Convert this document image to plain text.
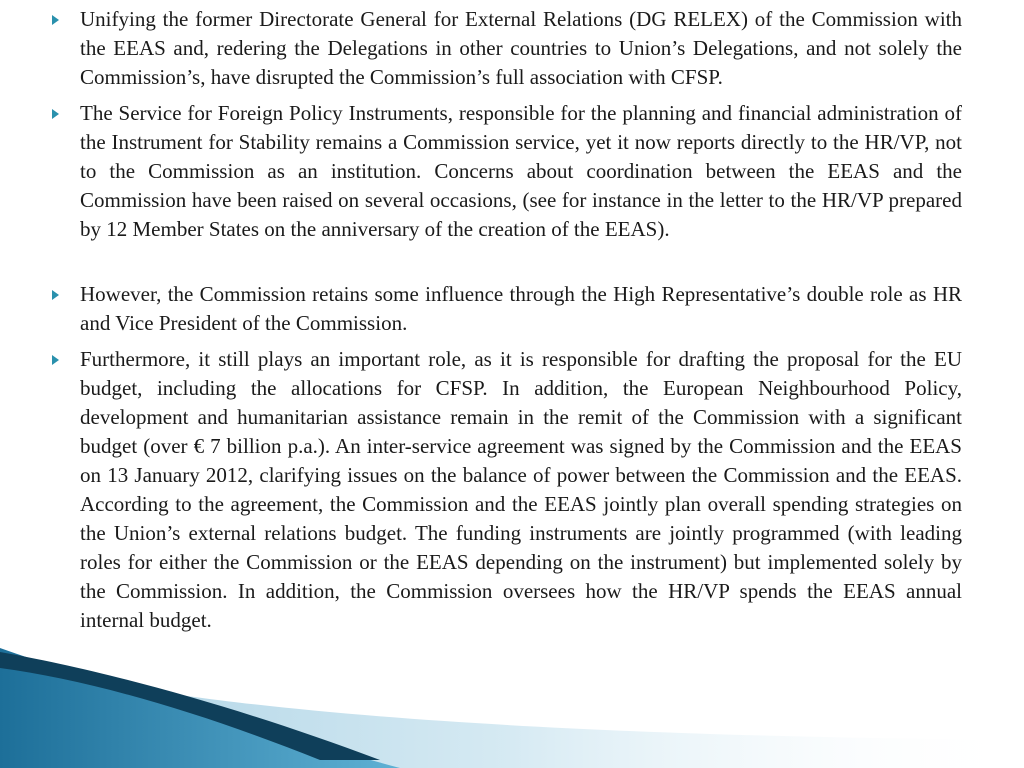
Unifying the former Directorate General for External Relations (DG RELEX) of the Commission with the EEAS and, redering the Delegations in other countries to Union’s Delegations, and not solely the Commission’s, have disrupted the Commission’s full association with CFSP.
The Service for Foreign Policy Instruments, responsible for the planning and financial administration of the Instrument for Stability remains a Commission service, yet it now reports directly to the HR/VP, not to the Commission as an institution. Concerns about coordination between the EEAS and the Commission have been raised on several occasions, (see for instance in the letter to the HR/VP prepared by 12 Member States on the anniversary of the creation of the EEAS).
However, the Commission retains some influence through the High Representative’s double role as HR and Vice President of the Commission.
Furthermore, it still plays an important role, as it is responsible for drafting the proposal for the EU budget, including the allocations for CFSP. In addition, the European Neighbourhood Policy, development and humanitarian assistance remain in the remit of the Commission with a significant budget (over € 7 billion p.a.). An inter-service agreement was signed by the Commission and the EEAS on 13 January 2012, clarifying issues on the balance of power between the Commission and the EEAS. According to the agreement, the Commission and the EEAS jointly plan overall spending strategies on the Union’s external relations budget. The funding instruments are jointly programmed (with leading roles for either the Commission or the EEAS depending on the instrument) but implemented solely by the Commission. In addition, the Commission oversees how the HR/VP spends the EEAS annual internal budget.
